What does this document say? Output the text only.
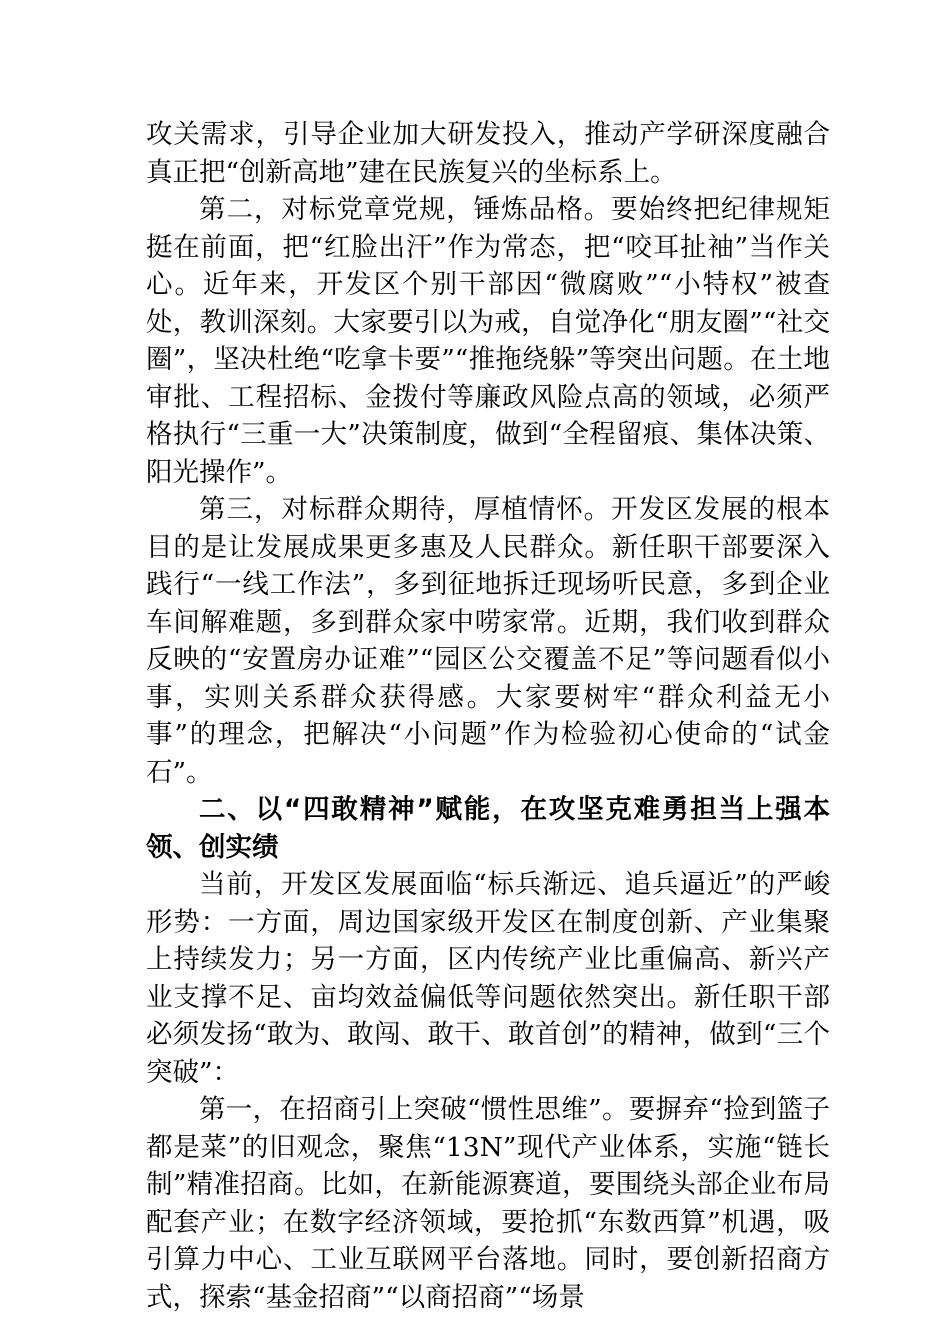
攻关需求，引导企业加大研发投入，推动产学研深度融合真正把“创新高地”建在民族复兴的坐标系上。

第二，对标党章党规，锤炼品格。要始终把纪律规矩挺在前面，把“红脸出汗”作为常态，把“咬耳扯袖”当作关心。近年来，开发区个别干部因“微腐败”“小特权”被查处，教训深刻。大家要引以为戒，自觉净化“朋友圈”“社交圈”，坚决杜绝“吃拿卡要”“推拖绕躲”等突出问题。在土地审批、工程招标、金拨付等廉政风险点高的领域，必须严格执行“三重一大”决策制度，做到“全程留痕、集体决策、阳光操作”。

第三，对标群众期待，厚植情怀。开发区发展的根本目的是让发展成果更多惠及人民群众。新任职干部要深入践行“一线工作法”，多到征地拆迁现场听民意，多到企业车间解难题，多到群众家中唠家常。近期，我们收到群众反映的“安置房办证难”“园区公交覆盖不足”等问题看似小事，实则关系群众获得感。大家要树牢“群众利益无小事”的理念，把解决“小问题”作为检验初心使命的“试金石”。

二、以“四敢精神”赋能，在攻坚克难勇担当上强本领、创实绩

当前，开发区发展面临“标兵渐远、追兵逼近”的严峻形势：一方面，周边国家级开发区在制度创新、产业集聚上持续发力；另一方面，区内传统产业比重偏高、新兴产业支撑不足、亩均效益偏低等问题依然突出。新任职干部必须发扬“敢为、敢闯、敢干、敢首创”的精神，做到“三个突破”：

第一，在招商引上突破“惯性思维”。要摒弃“捡到篮子都是菜”的旧观念，聚焦“13N”现代产业体系，实施“链长制”精准招商。比如，在新能源赛道，要围绕头部企业布局配套产业；在数字经济领域，要抢抓“东数西算”机遇，吸引算力中心、工业互联网平台落地。同时，要创新招商方式，探索“基金招商”“以商招商”“场景
